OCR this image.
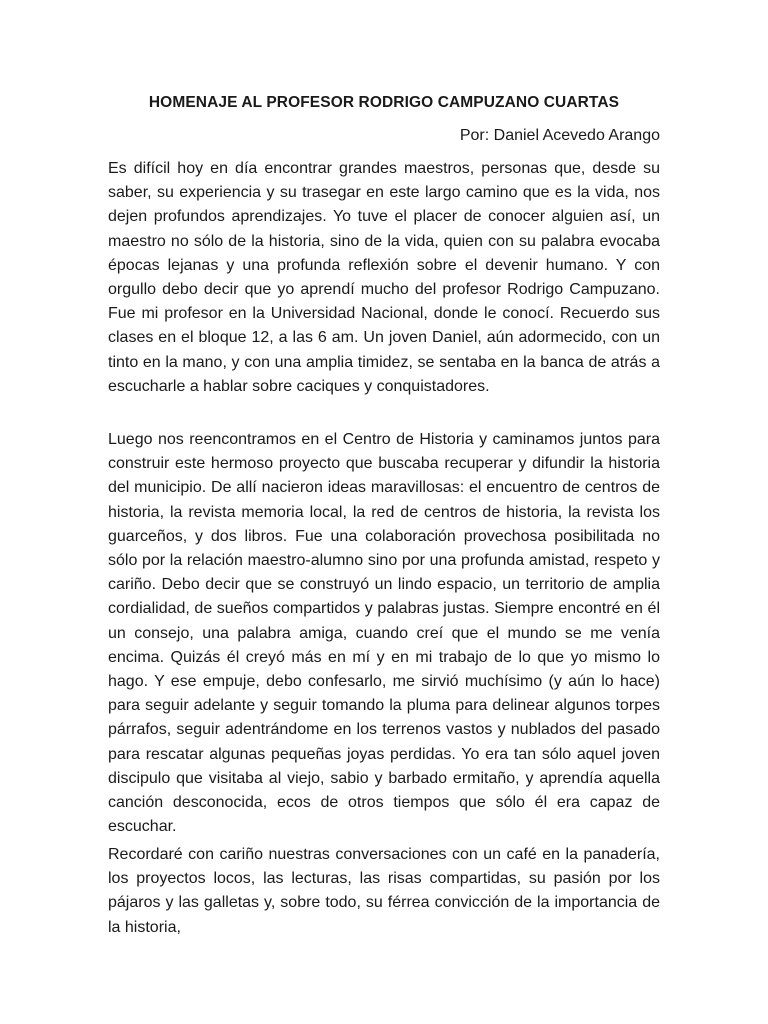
HOMENAJE AL PROFESOR RODRIGO CAMPUZANO CUARTAS
Por: Daniel Acevedo Arango

Es difícil hoy en día encontrar grandes maestros, personas que, desde su saber, su experiencia y su trasegar en este largo camino que es la vida, nos dejen profundos aprendizajes. Yo tuve el placer de conocer alguien así, un maestro no sólo de la historia, sino de la vida, quien con su palabra evocaba épocas lejanas y una profunda reflexión sobre el devenir humano. Y con orgullo debo decir que yo aprendí mucho del profesor Rodrigo Campuzano. Fue mi profesor en la Universidad Nacional, donde le conocí. Recuerdo sus clases en el bloque 12, a las 6 am. Un joven Daniel, aún adormecido, con un tinto en la mano, y con una amplia timidez, se sentaba en la banca de atrás a escucharle a hablar sobre caciques y conquistadores.

Luego nos reencontramos en el Centro de Historia y caminamos juntos para construir este hermoso proyecto que buscaba recuperar y difundir la historia del municipio. De allí nacieron ideas maravillosas: el encuentro de centros de historia, la revista memoria local, la red de centros de historia, la revista los guarceños, y dos libros. Fue una colaboración provechosa posibilitada no sólo por la relación maestro-alumno sino por una profunda amistad, respeto y cariño. Debo decir que se construyó un lindo espacio, un territorio de amplia cordialidad, de sueños compartidos y palabras justas. Siempre encontré en él un consejo, una palabra amiga, cuando creí que el mundo se me venía encima. Quizás él creyó más en mí y en mi trabajo de lo que yo mismo lo hago. Y ese empuje, debo confesarlo, me sirvió muchísimo (y aún lo hace) para seguir adelante y seguir tomando la pluma para delinear algunos torpes párrafos, seguir adentrándome en los terrenos vastos y nublados del pasado para rescatar algunas pequeñas joyas perdidas. Yo era tan sólo aquel joven discipulo que visitaba al viejo, sabio y barbado ermitaño, y aprendía aquella canción desconocida, ecos de otros tiempos que sólo él era capaz de escuchar.

Recordaré con cariño nuestras conversaciones con un café en la panadería, los proyectos locos, las lecturas, las risas compartidas, su pasión por los pájaros y las galletas y, sobre todo, su férrea convicción de la importancia de la historia,
